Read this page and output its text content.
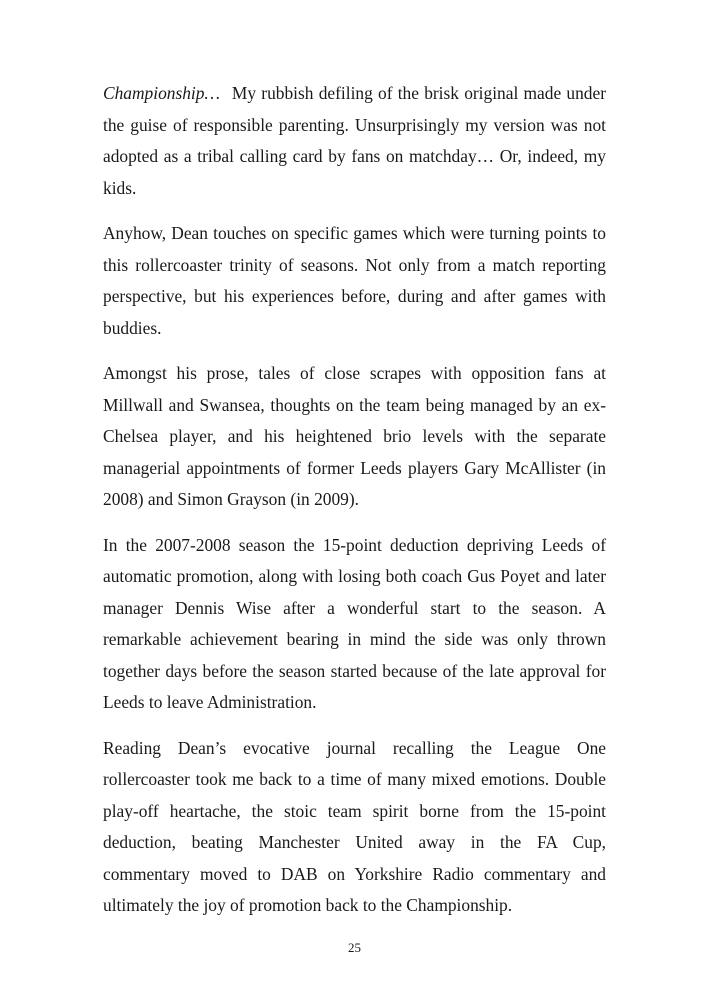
Championship… My rubbish defiling of the brisk original made under the guise of responsible parenting. Unsurprisingly my version was not adopted as a tribal calling card by fans on matchday… Or, indeed, my kids.

Anyhow, Dean touches on specific games which were turning points to this rollercoaster trinity of seasons. Not only from a match reporting perspective, but his experiences before, during and after games with buddies.

Amongst his prose, tales of close scrapes with opposition fans at Millwall and Swansea, thoughts on the team being managed by an ex-Chelsea player, and his heightened brio levels with the separate managerial appointments of former Leeds players Gary McAllister (in 2008) and Simon Grayson (in 2009).

In the 2007-2008 season the 15-point deduction depriving Leeds of automatic promotion, along with losing both coach Gus Poyet and later manager Dennis Wise after a wonderful start to the season. A remarkable achievement bearing in mind the side was only thrown together days before the season started because of the late approval for Leeds to leave Administration.

Reading Dean’s evocative journal recalling the League One rollercoaster took me back to a time of many mixed emotions. Double play-off heartache, the stoic team spirit borne from the 15-point deduction, beating Manchester United away in the FA Cup, commentary moved to DAB on Yorkshire Radio commentary and ultimately the joy of promotion back to the Championship.

25
